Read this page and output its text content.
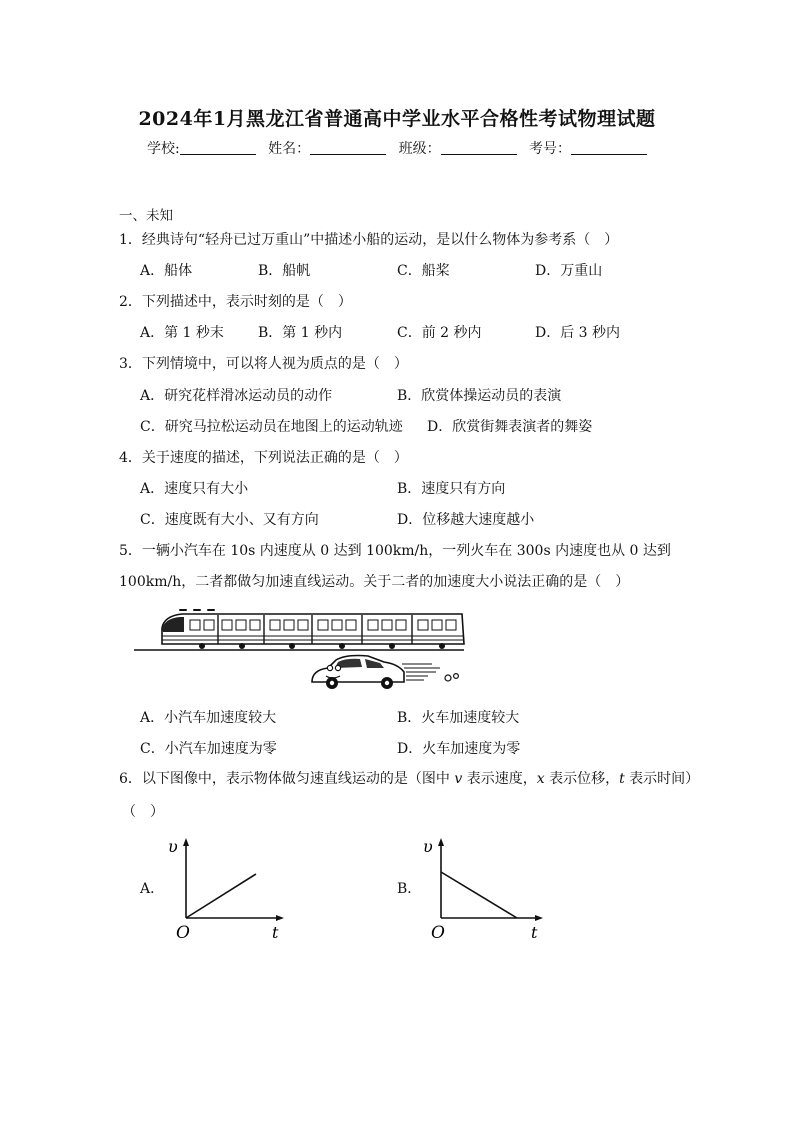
2024年1月黑龙江省普通高中学业水平合格性考试物理试题
学校:	姓名：	班级：	考号：
一、未知
1．经典诗句“轻舟已过万重山”中描述小船的运动，是以什么物体为参考系（　）
A．船体	B．船帆	C．船桨	D．万重山
2．下列描述中，表示时刻的是（　）
A．第 1 秒末 B．第 1 秒内	C．前 2 秒内	D．后 3 秒内
3．下列情境中，可以将人视为质点的是（　）
A．研究花样滑冰运动员的动作	B．欣赏体操运动员的表演
C．研究马拉松运动员在地图上的运动轨迹 D．欣赏街舞表演者的舞姿
4．关于速度的描述，下列说法正确的是（　）
A．速度只有大小	B．速度只有方向
C．速度既有大小、又有方向	D．位移越大速度越小
5．一辆小汽车在 10s 内速度从 0 达到 100km/h，一列火车在 300s 内速度也从 0 达到
100km/h，二者都做匀加速直线运动。关于二者的加速度大小说法正确的是（　）
A．小汽车加速度较大	B．火车加速度较大
C．小汽车加速度为零	D．火车加速度为零
6．以下图像中，表示物体做匀速直线运动的是（图中 v 表示速度，x 表示位移，t 表示时间）
（　）
A．	B．
υ
O	t
υ
O	t
